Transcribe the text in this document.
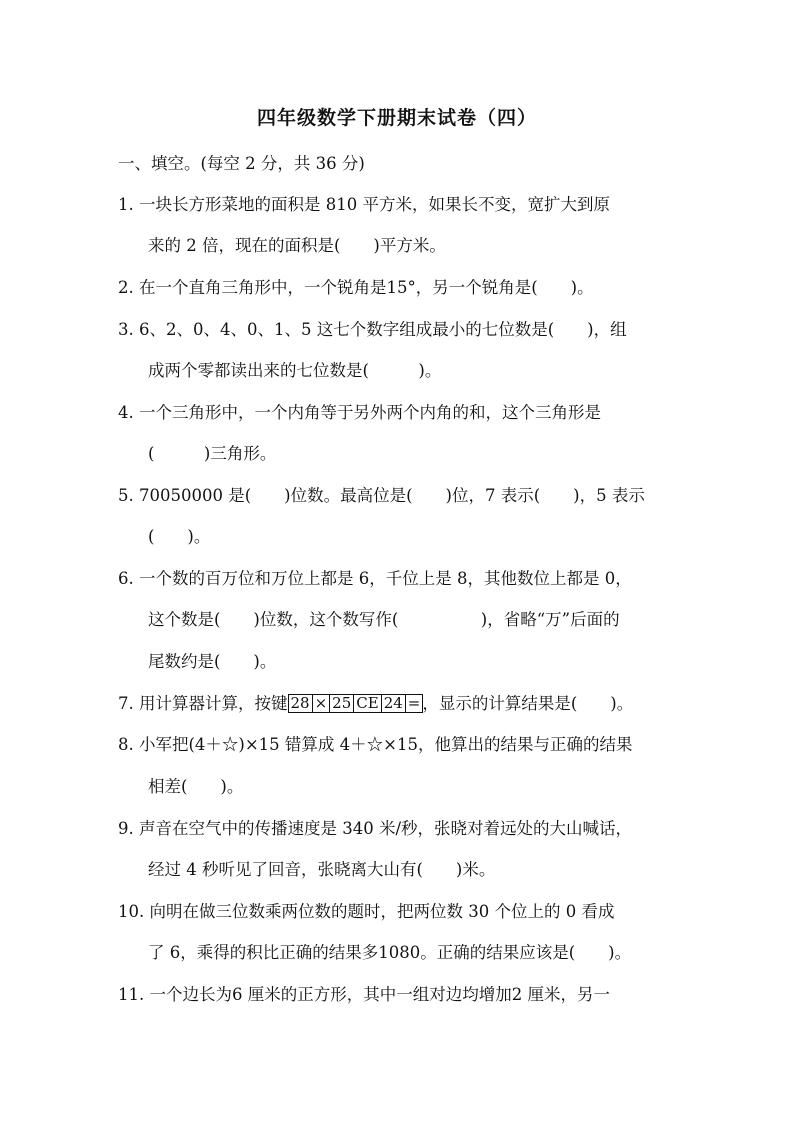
四年级数学下册期末试卷（四）
一、填空。(每空 2 分，共 36 分)
1. 一块长方形菜地的面积是 810 平方米，如果长不变，宽扩大到原
来的 2 倍，现在的面积是(　　)平方米。
2. 在一个直角三角形中，一个锐角是15°，另一个锐角是(　　)。
3. 6、2、0、4、0、1、5 这七个数字组成最小的七位数是(　　)，组
成两个零都读出来的七位数是(　　　)。
4. 一个三角形中，一个内角等于另外两个内角的和，这个三角形是
(　　　)三角形。
5. 70050000 是(　　)位数。最高位是(　　)位，7 表示(　　)，5 表示
(　　)。
6. 一个数的百万位和万位上都是 6，千位上是 8，其他数位上都是 0，
这个数是(　　)位数，这个数写作(　　　　　)，省略“万”后面的
尾数约是(　　)。
7. 用计算器计算，按键 28 × 25 CE 24 = ，显示的计算结果是(　　)。
8. 小军把(4＋☆)×15 错算成 4＋☆×15，他算出的结果与正确的结果
相差(　　)。
9. 声音在空气中的传播速度是 340 米/秒，张晓对着远处的大山喊话，
经过 4 秒听见了回音，张晓离大山有(　　)米。
10. 向明在做三位数乘两位数的题时，把两位数 30 个位上的 0 看成
了 6，乘得的积比正确的结果多1080。正确的结果应该是(　　)。
11. 一个边长为6 厘米的正方形，其中一组对边均增加2 厘米，另一
